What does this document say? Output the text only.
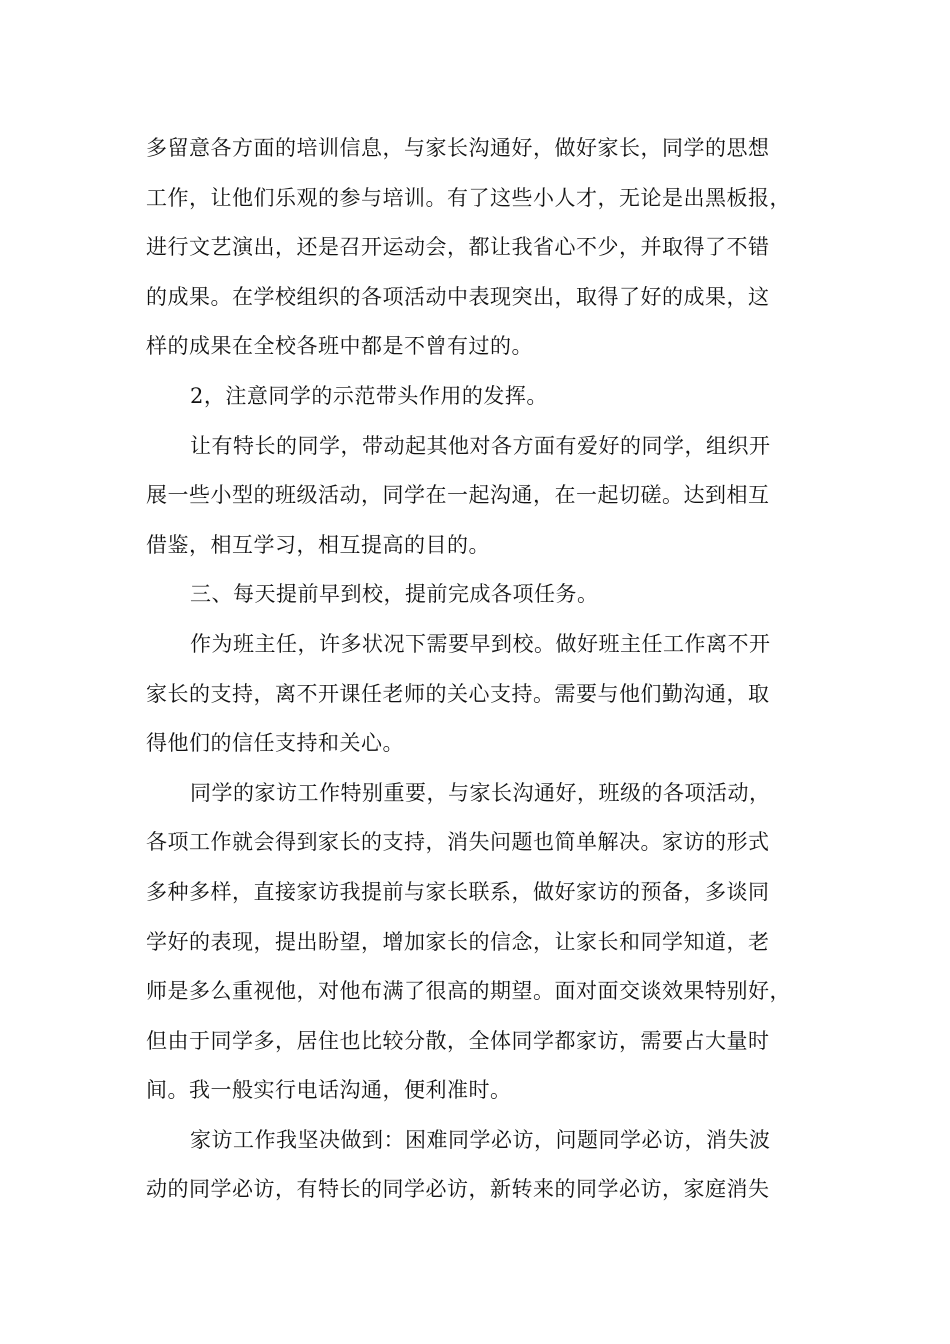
多留意各方面的培训信息，与家长沟通好，做好家长，同学的思想
工作，让他们乐观的参与培训。有了这些小人才，无论是出黑板报，
进行文艺演出，还是召开运动会，都让我省心不少，并取得了不错
的成果。在学校组织的各项活动中表现突出，取得了好的成果，这
样的成果在全校各班中都是不曾有过的。
2，注意同学的示范带头作用的发挥。
让有特长的同学，带动起其他对各方面有爱好的同学，组织开
展一些小型的班级活动，同学在一起沟通，在一起切磋。达到相互
借鉴，相互学习，相互提高的目的。
三、每天提前早到校，提前完成各项任务。
作为班主任，许多状况下需要早到校。做好班主任工作离不开
家长的支持，离不开课任老师的关心支持。需要与他们勤沟通，取
得他们的信任支持和关心。
同学的家访工作特别重要，与家长沟通好，班级的各项活动，
各项工作就会得到家长的支持，消失问题也简单解决。家访的形式
多种多样，直接家访我提前与家长联系，做好家访的预备，多谈同
学好的表现，提出盼望，增加家长的信念，让家长和同学知道，老
师是多么重视他，对他布满了很高的期望。面对面交谈效果特别好，
但由于同学多，居住也比较分散，全体同学都家访，需要占大量时
间。我一般实行电话沟通，便利准时。
家访工作我坚决做到：困难同学必访，问题同学必访，消失波
动的同学必访，有特长的同学必访，新转来的同学必访，家庭消失
